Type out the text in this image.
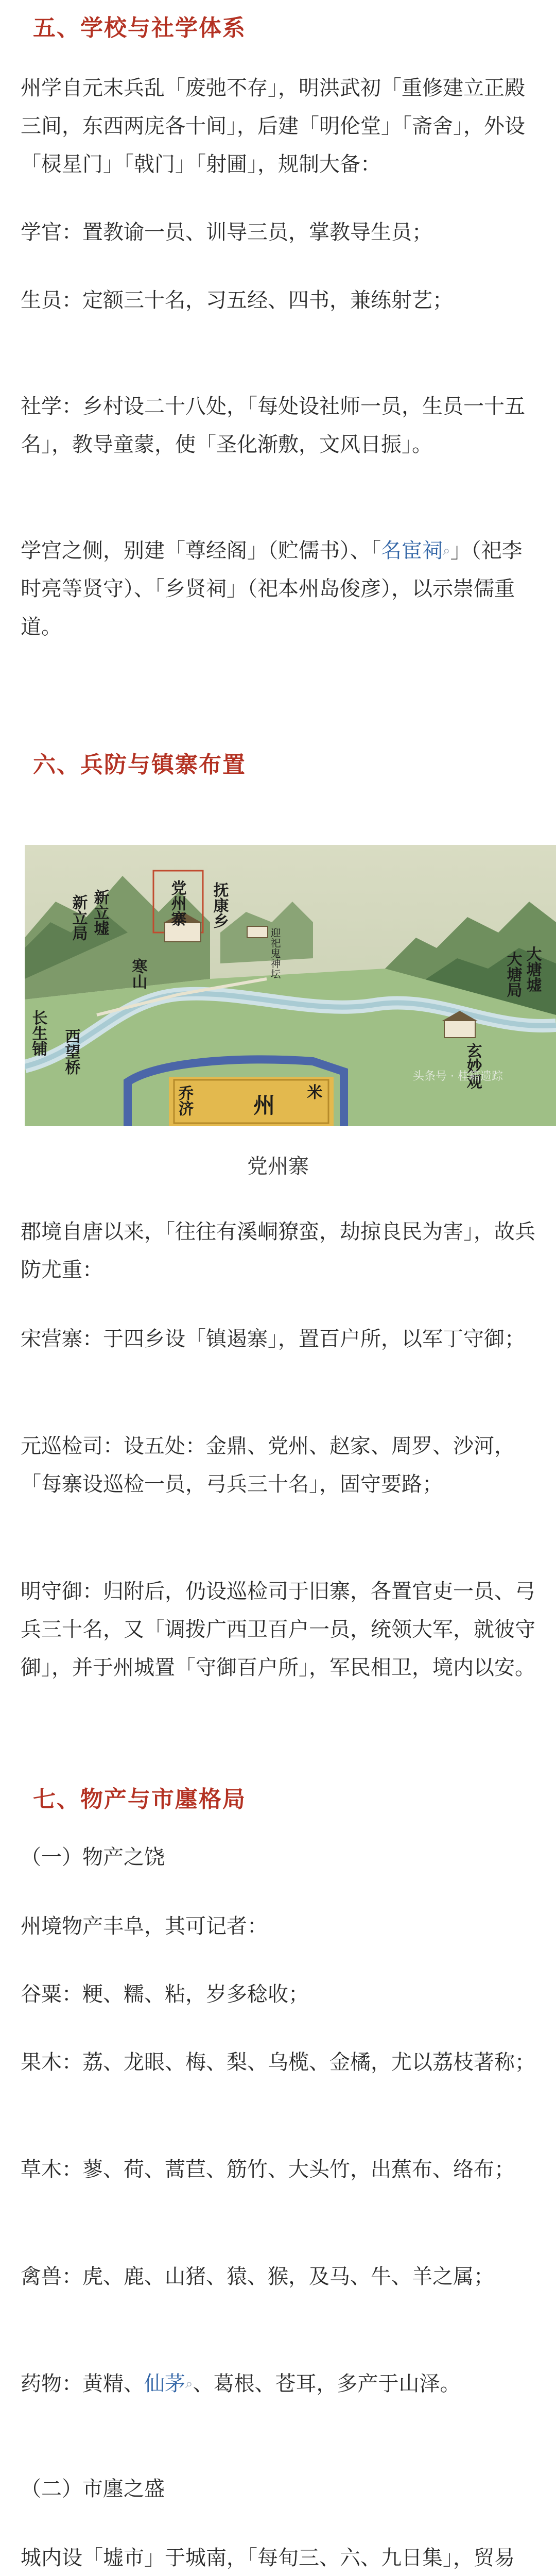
五、学校与社学体系

州学自元末兵乱「废弛不存」，明洪武初「重修建立正殿三间，东西两庑各十间」，后建「明伦堂」「斋舍」，外设「棂星门」「戟门」「射圃」，规制大备：

学官：置教谕一员、训导三员，掌教导生员；

生员：定额三十名，习五经、四书，兼练射艺；

社学：乡村设二十八处，「每处设社师一员，生员一十五名」，教导童蒙，使「圣化渐敷，文风日振」。

学宫之侧，别建「尊经阁」（贮儒书）、「名宦祠⌕」（祀李时亮等贤守）、「乡贤祠」（祀本州岛俊彦），以示崇儒重道。

六、兵防与镇寨布置
新立墟
新立局
寒山
党州寨 抚康乡
长生铺 西望桥
大塘墟
大塘局
玄妙观
乔济	州
米
迎祀鬼神坛
头条号 · 桂籍遗踪
党州寨

郡境自唐以来，「往往有溪峒獠蛮，劫掠良民为害」，故兵防尤重：

宋营寨：于四乡设「镇遏寨」，置百户所，以军丁守御；

元巡检司：设五处：金鼎、党州、赵家、周罗、沙河，「每寨设巡检一员，弓兵三十名」，固守要路；

明守御：归附后，仍设巡检司于旧寨，各置官吏一员、弓兵三十名，又「调拨广西卫百户一员，统领大军，就彼守御」，并于州城置「守御百户所」，军民相卫，境内以安。

七、物产与市廛格局

（一）物产之饶

州境物产丰阜，其可记者：

谷粟：粳、糯、粘，岁多稔收；

果木：荔、龙眼、梅、梨、乌榄、金橘，尤以荔枝著称；

草木：蓼、荷、蒿苣、筋竹、大头竹，出蕉布、络布；

禽兽：虎、鹿、山猪、猿、猴，及马、牛、羊之属；

药物：黄精、仙茅⌕、葛根、苍耳，多产于山泽。

（二）市廛之盛

城内设「墟市」于城南，「每旬三、六、九日集」，贸易
